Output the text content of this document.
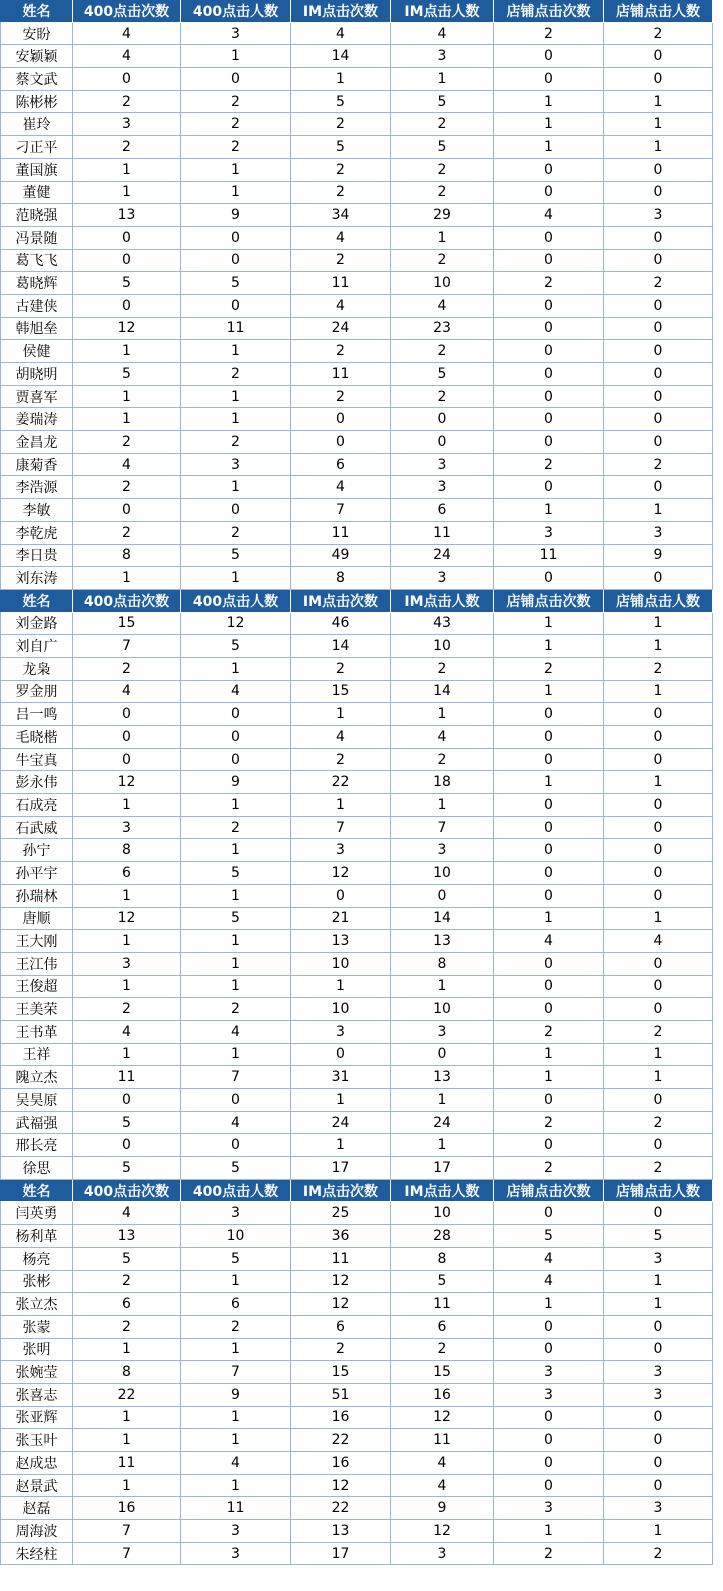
姓名	400点击次数	400点击人数	IM点击次数	IM点击人数	店铺点击次数	店铺点击人数
安盼	4	3	4	4	2	2
安颖颖	4	1	14	3	0	0
蔡文武	0	0	1	1	0	0
陈彬彬	2	2	5	5	1	1
崔玲	3	2	2	2	1	1
刁正平	2	2	5	5	1	1
董国旗	1	1	2	2	0	0
董健	1	1	2	2	0	0
范晓强	13	9	34	29	4	3
冯景随	0	0	4	1	0	0
葛飞飞	0	0	2	2	0	0
葛晓辉	5	5	11	10	2	2
古建侠	0	0	4	4	0	0
韩旭垒	12	11	24	23	0	0
侯健	1	1	2	2	0	0
胡晓明	5	2	11	5	0	0
贾喜军	1	1	2	2	0	0
姜瑞涛	1	1	0	0	0	0
金昌龙	2	2	0	0	0	0
康菊香	4	3	6	3	2	2
李浩源	2	1	4	3	0	0
李敏	0	0	7	6	1	1
李乾虎	2	2	11	11	3	3
李日贵	8	5	49	24	11	9
刘东涛	1	1	8	3	0	0
姓名	400点击次数	400点击人数	IM点击次数	IM点击人数	店铺点击次数	店铺点击人数
刘金路	15	12	46	43	1	1
刘自广	7	5	14	10	1	1
龙枭	2	1	2	2	2	2
罗金朋	4	4	15	14	1	1
吕一鸣	0	0	1	1	0	0
毛晓楷	0	0	4	4	0	0
牛宝真	0	0	2	2	0	0
彭永伟	12	9	22	18	1	1
石成亮	1	1	1	1	0	0
石武威	3	2	7	7	0	0
孙宁	8	1	3	3	0	0
孙平宇	6	5	12	10	0	0
孙瑞林	1	1	0	0	0	0
唐顺	12	5	21	14	1	1
王大刚	1	1	13	13	4	4
王江伟	3	1	10	8	0	0
王俊超	1	1	1	1	0	0
王美荣	2	2	10	10	0	0
王书革	4	4	3	3	2	2
王祥	1	1	0	0	1	1
隗立杰	11	7	31	13	1	1
吴昊原	0	0	1	1	0	0
武福强	5	4	24	24	2	2
邢长亮	0	0	1	1	0	0
徐思	5	5	17	17	2	2
姓名	400点击次数	400点击人数	IM点击次数	IM点击人数	店铺点击次数	店铺点击人数
闫英勇	4	3	25	10	0	0
杨利革	13	10	36	28	5	5
杨亮	5	5	11	8	4	3
张彬	2	1	12	5	4	1
张立杰	6	6	12	11	1	1
张蒙	2	2	6	6	0	0
张明	1	1	2	2	0	0
张婉莹	8	7	15	15	3	3
张喜志	22	9	51	16	3	3
张亚辉	1	1	16	12	0	0
张玉叶	1	1	22	11	0	0
赵成忠	11	4	16	4	0	0
赵景武	1	1	12	4	0	0
赵磊	16	11	22	9	3	3
周海波	7	3	13	12	1	1
朱经柱	7	3	17	3	2	2
